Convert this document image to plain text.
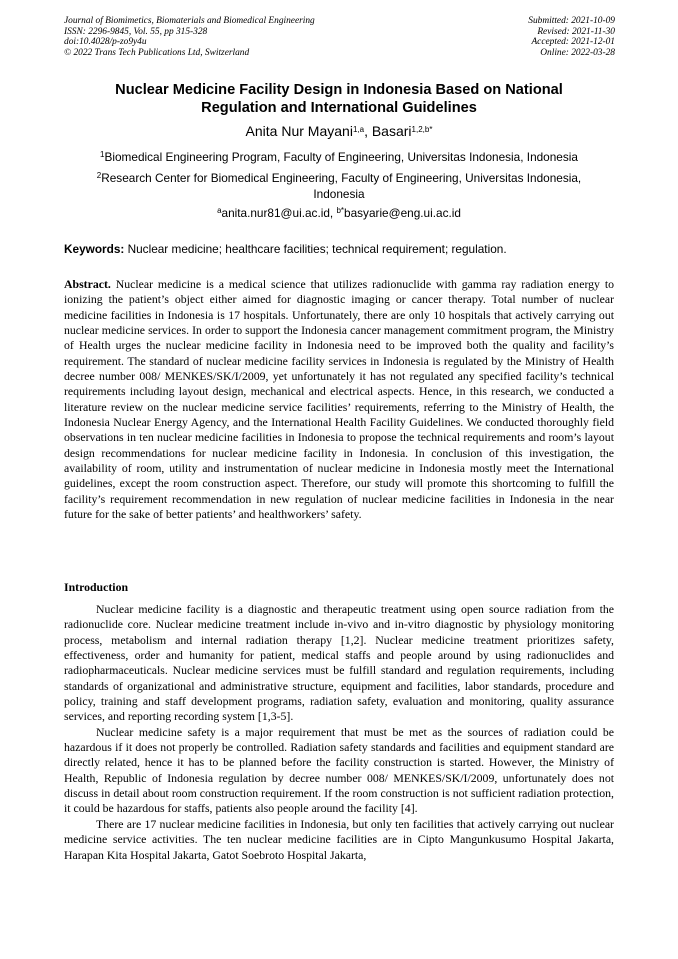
Journal of Biomimetics, Biomaterials and Biomedical Engineering
ISSN: 2296-9845, Vol. 55, pp 315-328
doi:10.4028/p-zo9y4u
© 2022 Trans Tech Publications Ltd, Switzerland
Submitted: 2021-10-09
Revised: 2021-11-30
Accepted: 2021-12-01
Online: 2022-03-28
Nuclear Medicine Facility Design in Indonesia Based on National
Regulation and International Guidelines
Anita Nur Mayani$^{1,a}$, Basari$^{1,2,b*}$
$^1$Biomedical Engineering Program, Faculty of Engineering, Universitas Indonesia, Indonesia
$^2$Research Center for Biomedical Engineering, Faculty of Engineering, Universitas Indonesia,
Indonesia
$^a$anita.nur81@ui.ac.id, $^{b*}$basyarie@eng.ui.ac.id
Keywords: Nuclear medicine; healthcare facilities; technical requirement; regulation.
Abstract. Nuclear medicine is a medical science that utilizes radionuclide with gamma ray radiation energy to ionizing the patient’s object either aimed for diagnostic imaging or cancer therapy. Total number of nuclear medicine facilities in Indonesia is 17 hospitals. Unfortunately, there are only 10 hospitals that actively carrying out nuclear medicine services. In order to support the Indonesia cancer management commitment program, the Ministry of Health urges the nuclear medicine facility in Indonesia need to be improved both the quality and facility’s requirement. The standard of nuclear medicine facility services in Indonesia is regulated by the Ministry of Health decree number 008/ MENKES/SK/I/2009, yet unfortunately it has not regulated any specified facility’s technical requirements including layout design, mechanical and electrical aspects. Hence, in this research, we conducted a literature review on the nuclear medicine service facilities’ requirements, referring to the Ministry of Health, the Indonesia Nuclear Energy Agency, and the International Health Facility Guidelines. We conducted thoroughly field observations in ten nuclear medicine facilities in Indonesia to propose the technical requirements and room’s layout design recommendations for nuclear medicine facility in Indonesia. In conclusion of this investigation, the availability of room, utility and instrumentation of nuclear medicine in Indonesia mostly meet the International guidelines, except the room construction aspect. Therefore, our study will promote this shortcoming to fulfill the facility’s requirement recommendation in new regulation of nuclear medicine facilities in Indonesia in the near future for the sake of better patients’ and healthworkers’ safety.
Introduction

Nuclear medicine facility is a diagnostic and therapeutic treatment using open source radiation from the radionuclide core. Nuclear medicine treatment include in-vivo and in-vitro diagnostic by physiology monitoring process, metabolism and internal radiation therapy [1,2]. Nuclear medicine treatment prioritizes safety, effectiveness, order and humanity for patient, medical staffs and people around by using radionuclides and radiopharmaceuticals. Nuclear medicine services must be fulfill standard and regulation requirements, including standards of organizational and administrative structure, equipment and facilities, labor standards, procedure and policy, training and staff development programs, radiation safety, evaluation and monitoring, quality assurance services, and reporting recording system [1,3-5].

Nuclear medicine safety is a major requirement that must be met as the sources of radiation could be hazardous if it does not properly be controlled. Radiation safety standards and facilities and equipment standard are directly related, hence it has to be planned before the facility construction is started. However, the Ministry of Health, Republic of Indonesia regulation by decree number 008/ MENKES/SK/I/2009, unfortunately does not discuss in detail about room construction requirement. If the room construction is not sufficient radiation protection, it could be hazardous for staffs, patients also people around the facility [4].

There are 17 nuclear medicine facilities in Indonesia, but only ten facilities that actively carrying out nuclear medicine service activities. The ten nuclear medicine facilities are in Cipto Mangunkusumo Hospital Jakarta, Harapan Kita Hospital Jakarta, Gatot Soebroto Hospital Jakarta,
